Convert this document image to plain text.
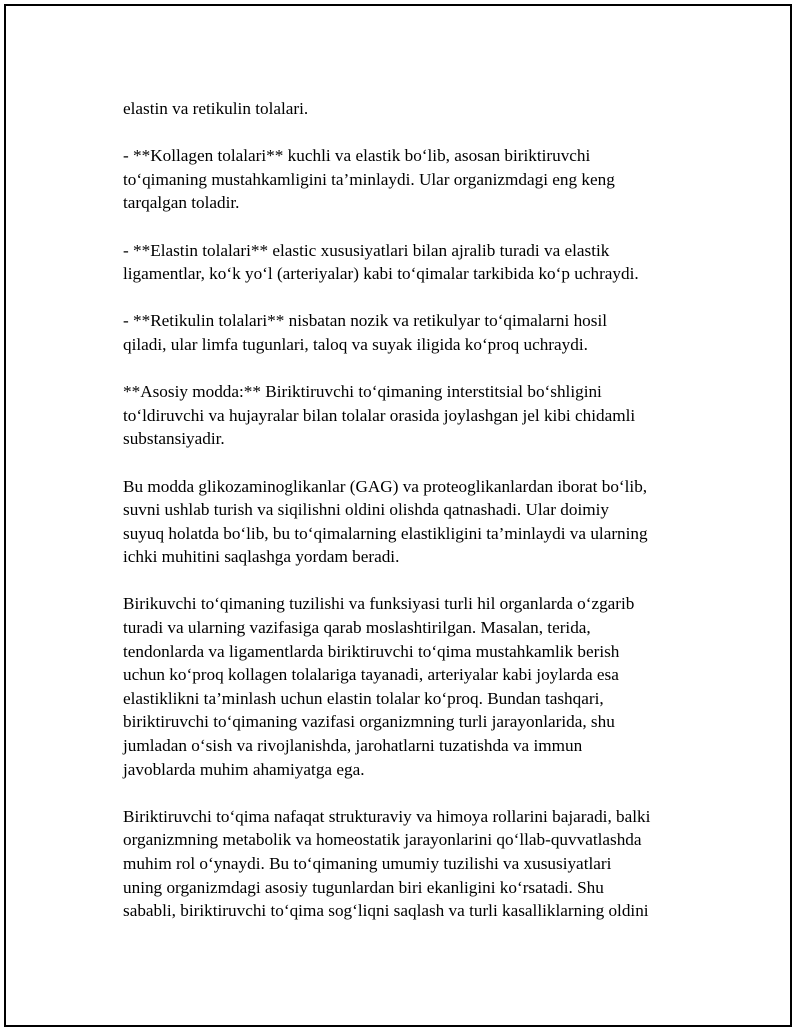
elastin va retikulin tolalari.
- **Kollagen tolalari** kuchli va elastik bo‘lib, asosan biriktiruvchi
to‘qimaning mustahkamligini ta’minlaydi. Ular organizmdagi eng keng
tarqalgan toladir.
- **Elastin tolalari** elastic xususiyatlari bilan ajralib turadi va elastik
ligamentlar, ko‘k yo‘l (arteriyalar) kabi to‘qimalar tarkibida ko‘p uchraydi.
- **Retikulin tolalari** nisbatan nozik va retikulyar to‘qimalarni hosil
qiladi, ular limfa tugunlari, taloq va suyak iligida ko‘proq uchraydi.
**Asosiy modda:** Biriktiruvchi to‘qimaning interstitsial bo‘shligini
to‘ldiruvchi va hujayralar bilan tolalar orasida joylashgan jel kibi chidamli
substansiyadir.
Bu modda glikozaminoglikanlar (GAG) va proteoglikanlardan iborat bo‘lib,
suvni ushlab turish va siqilishni oldini olishda qatnashadi. Ular doimiy
suyuq holatda bo‘lib, bu to‘qimalarning elastikligini ta’minlaydi va ularning
ichki muhitini saqlashga yordam beradi.
Birikuvchi to‘qimaning tuzilishi va funksiyasi turli hil organlarda o‘zgarib
turadi va ularning vazifasiga qarab moslashtirilgan. Masalan, terida,
tendonlarda va ligamentlarda biriktiruvchi to‘qima mustahkamlik berish
uchun ko‘proq kollagen tolalariga tayanadi, arteriyalar kabi joylarda esa
elastiklikni ta’minlash uchun elastin tolalar ko‘proq. Bundan tashqari,
biriktiruvchi to‘qimaning vazifasi organizmning turli jarayonlarida, shu
jumladan o‘sish va rivojlanishda, jarohatlarni tuzatishda va immun
javoblarda muhim ahamiyatga ega.
Biriktiruvchi to‘qima nafaqat strukturaviy va himoya rollarini bajaradi, balki
organizmning metabolik va homeostatik jarayonlarini qo‘llab-quvvatlashda
muhim rol o‘ynaydi. Bu to‘qimaning umumiy tuzilishi va xususiyatlari
uning organizmdagi asosiy tugunlardan biri ekanligini ko‘rsatadi. Shu
sababli, biriktiruvchi to‘qima sog‘liqni saqlash va turli kasalliklarning oldini
